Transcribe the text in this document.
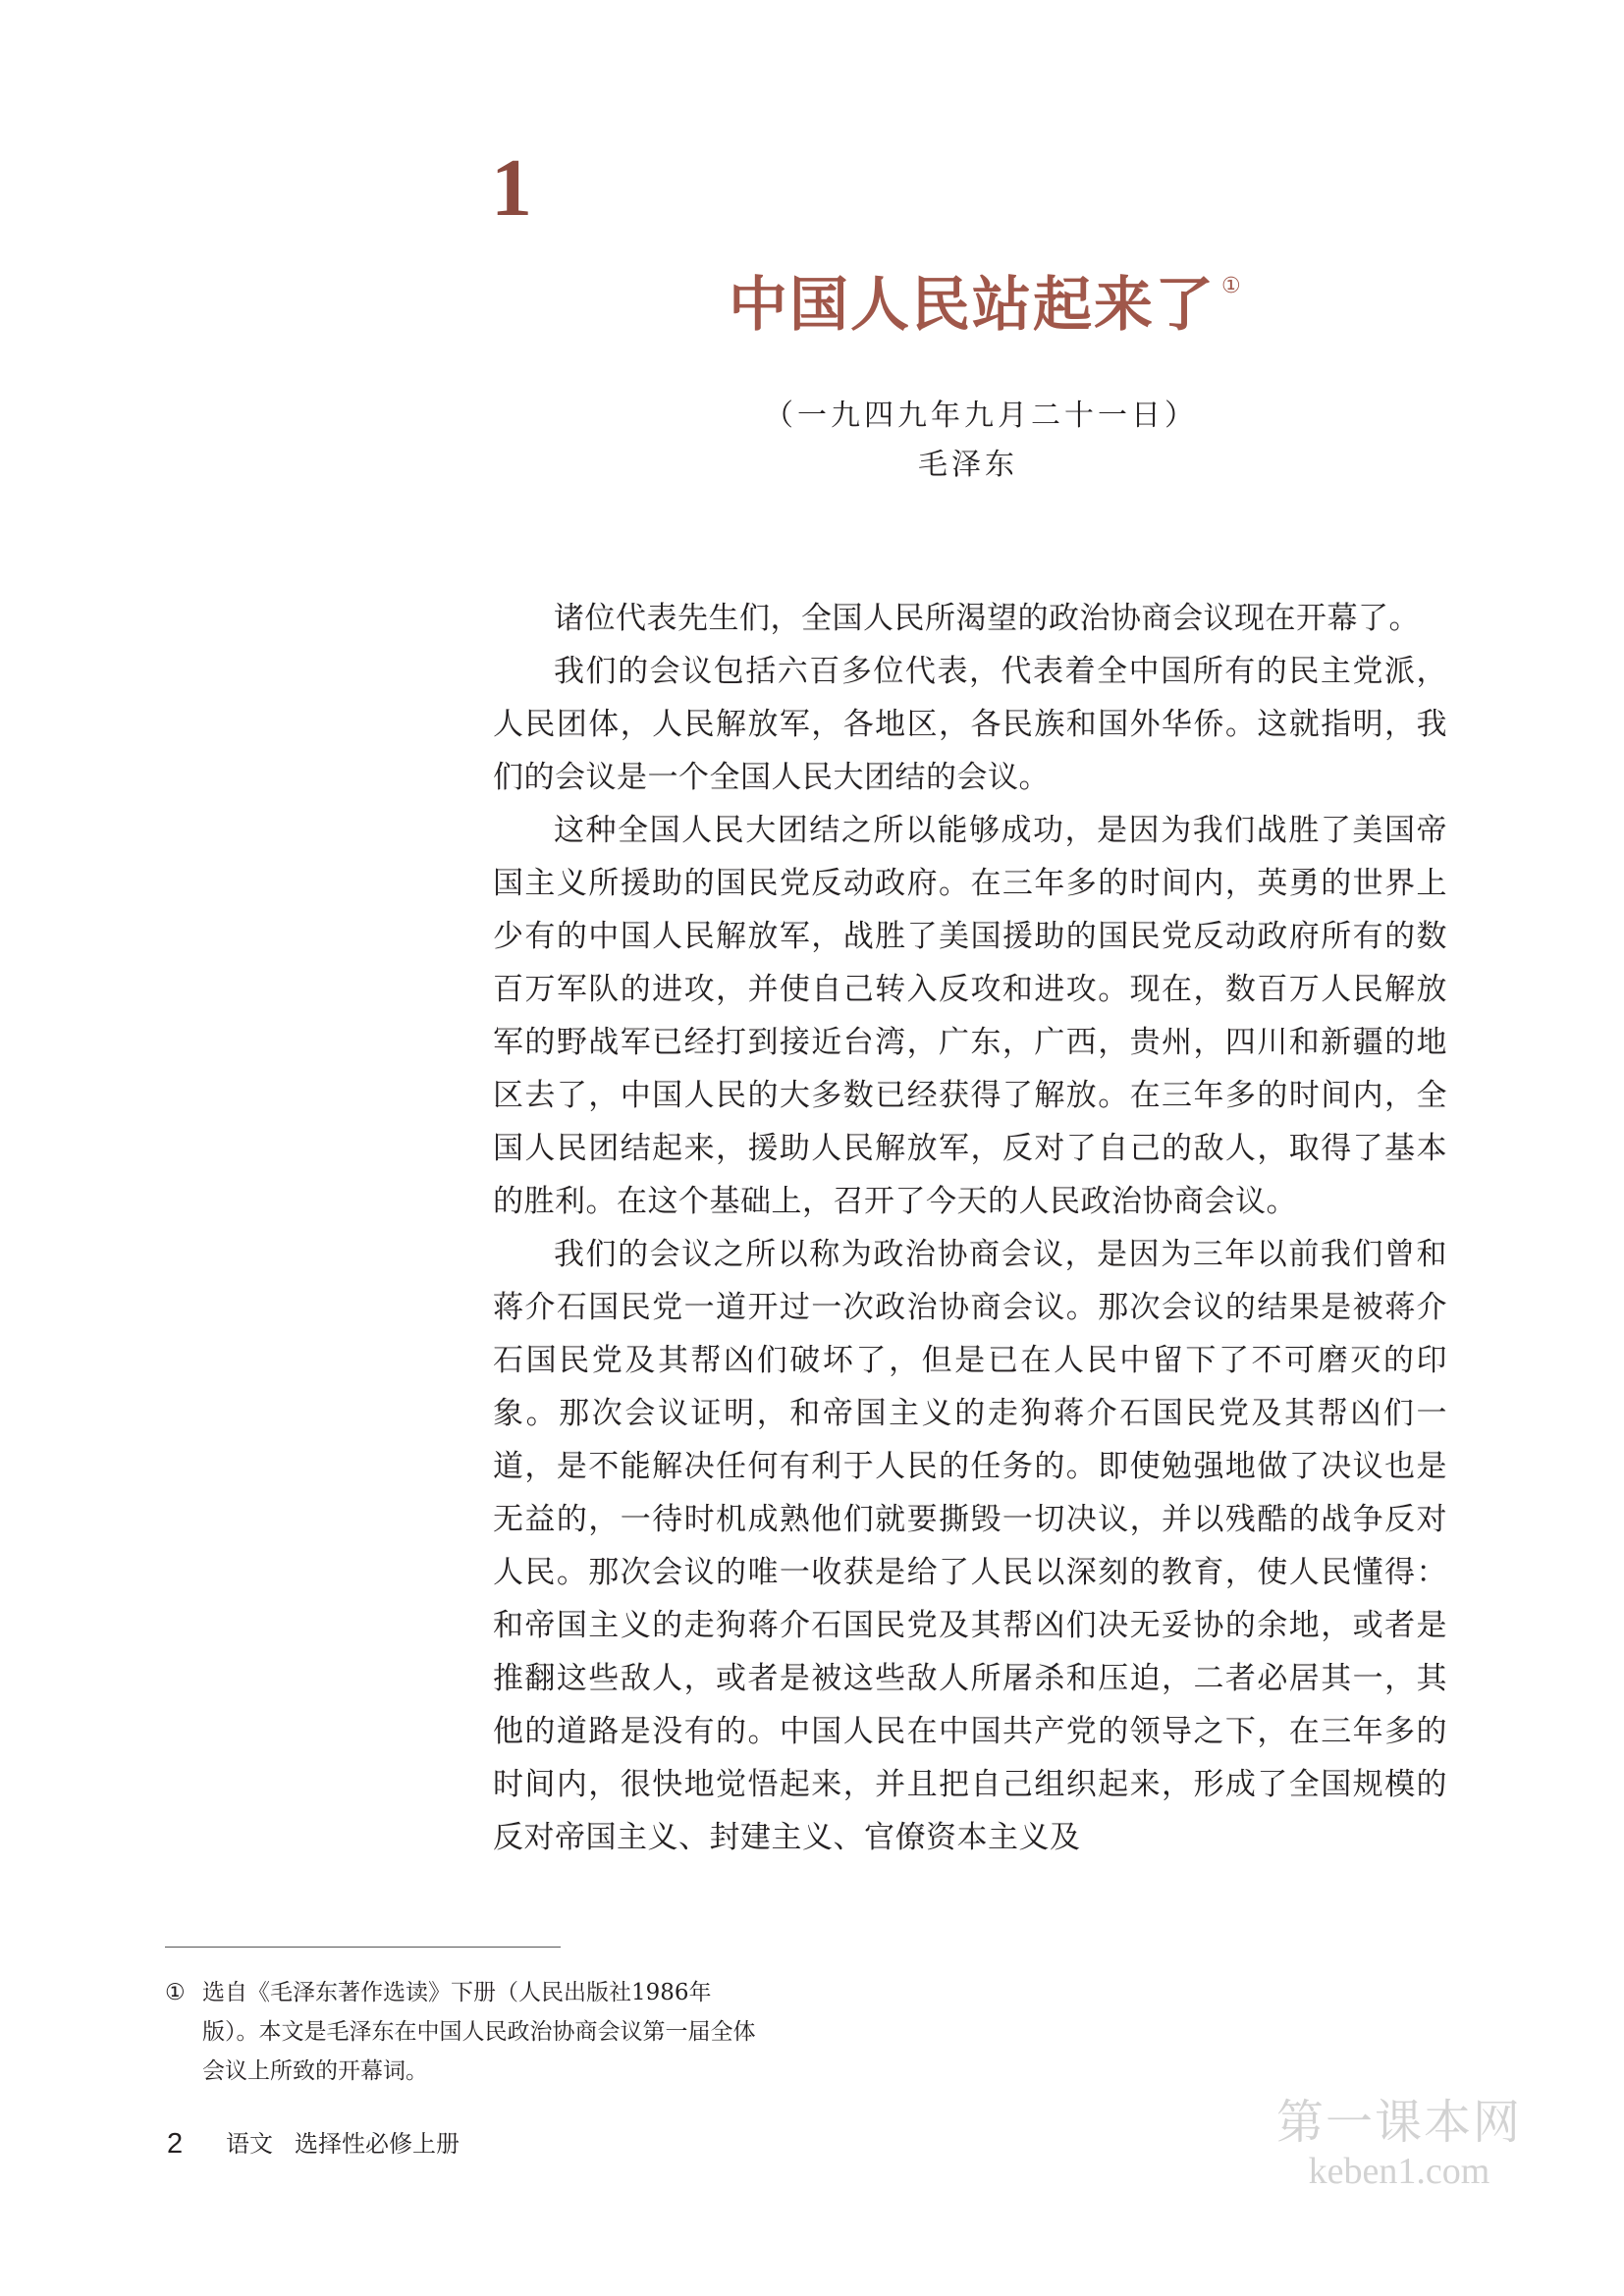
1
中国人民站起来了 ①
（一九四九年九月二十一日）
毛泽东

诸位代表先生们，全国人民所渴望的政治协商会议现在开幕了。

我们的会议包括六百多位代表，代表着全中国所有的民主党派，人民团体，人民解放军，各地区，各民族和国外华侨。这就指明，我们的会议是一个全国人民大团结的会议。

这种全国人民大团结之所以能够成功，是因为我们战胜了美国帝国主义所援助的国民党反动政府。在三年多的时间内，英勇的世界上少有的中国人民解放军，战胜了美国援助的国民党反动政府所有的数百万军队的进攻，并使自己转入反攻和进攻。现在，数百万人民解放军的野战军已经打到接近台湾，广东，广西，贵州，四川和新疆的地区去了，中国人民的大多数已经获得了解放。在三年多的时间内，全国人民团结起来，援助人民解放军，反对了自己的敌人，取得了基本的胜利。在这个基础上，召开了今天的人民政治协商会议。

我们的会议之所以称为政治协商会议，是因为三年以前我们曾和蒋介石国民党一道开过一次政治协商会议。那次会议的结果是被蒋介石国民党及其帮凶们破坏了，但是已在人民中留下了不可磨灭的印象。那次会议证明，和帝国主义的走狗蒋介石国民党及其帮凶们一道，是不能解决任何有利于人民的任务的。即使勉强地做了决议也是无益的，一待时机成熟他们就要撕毁一切决议，并以残酷的战争反对人民。那次会议的唯一收获是给了人民以深刻的教育，使人民懂得：和帝国主义的走狗蒋介石国民党及其帮凶们决无妥协的余地，或者是推翻这些敌人，或者是被这些敌人所屠杀和压迫，二者必居其一，其他的道路是没有的。中国人民在中国共产党的领导之下，在三年多的时间内，很快地觉悟起来，并且把自己组织起来，形成了全国规模的反对帝国主义、封建主义、官僚资本主义及

① 选自《毛泽东著作选读》下册（人民出版社1986年版）。本文是毛泽东在中国人民政治协商会议第一届全体会议上所致的开幕词。
2 语文 选择性必修上册	第一课本网
keben1.com
